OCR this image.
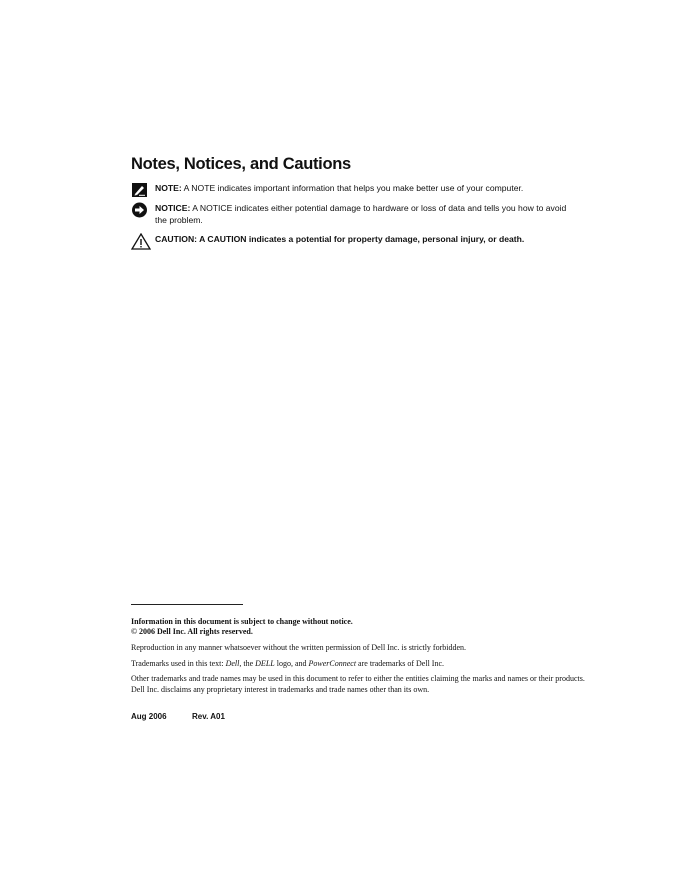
Notes, Notices, and Cautions
NOTE: A NOTE indicates important information that helps you make better use of your computer.
NOTICE: A NOTICE indicates either potential damage to hardware or loss of data and tells you how to avoid the problem.
CAUTION: A CAUTION indicates a potential for property damage, personal injury, or death.
Information in this document is subject to change without notice.
© 2006 Dell Inc. All rights reserved.
Reproduction in any manner whatsoever without the written permission of Dell Inc. is strictly forbidden.
Trademarks used in this text: Dell, the DELL logo, and PowerConnect are trademarks of Dell Inc.
Other trademarks and trade names may be used in this document to refer to either the entities claiming the marks and names or their products. Dell Inc. disclaims any proprietary interest in trademarks and trade names other than its own.
Aug 2006	Rev. A01
